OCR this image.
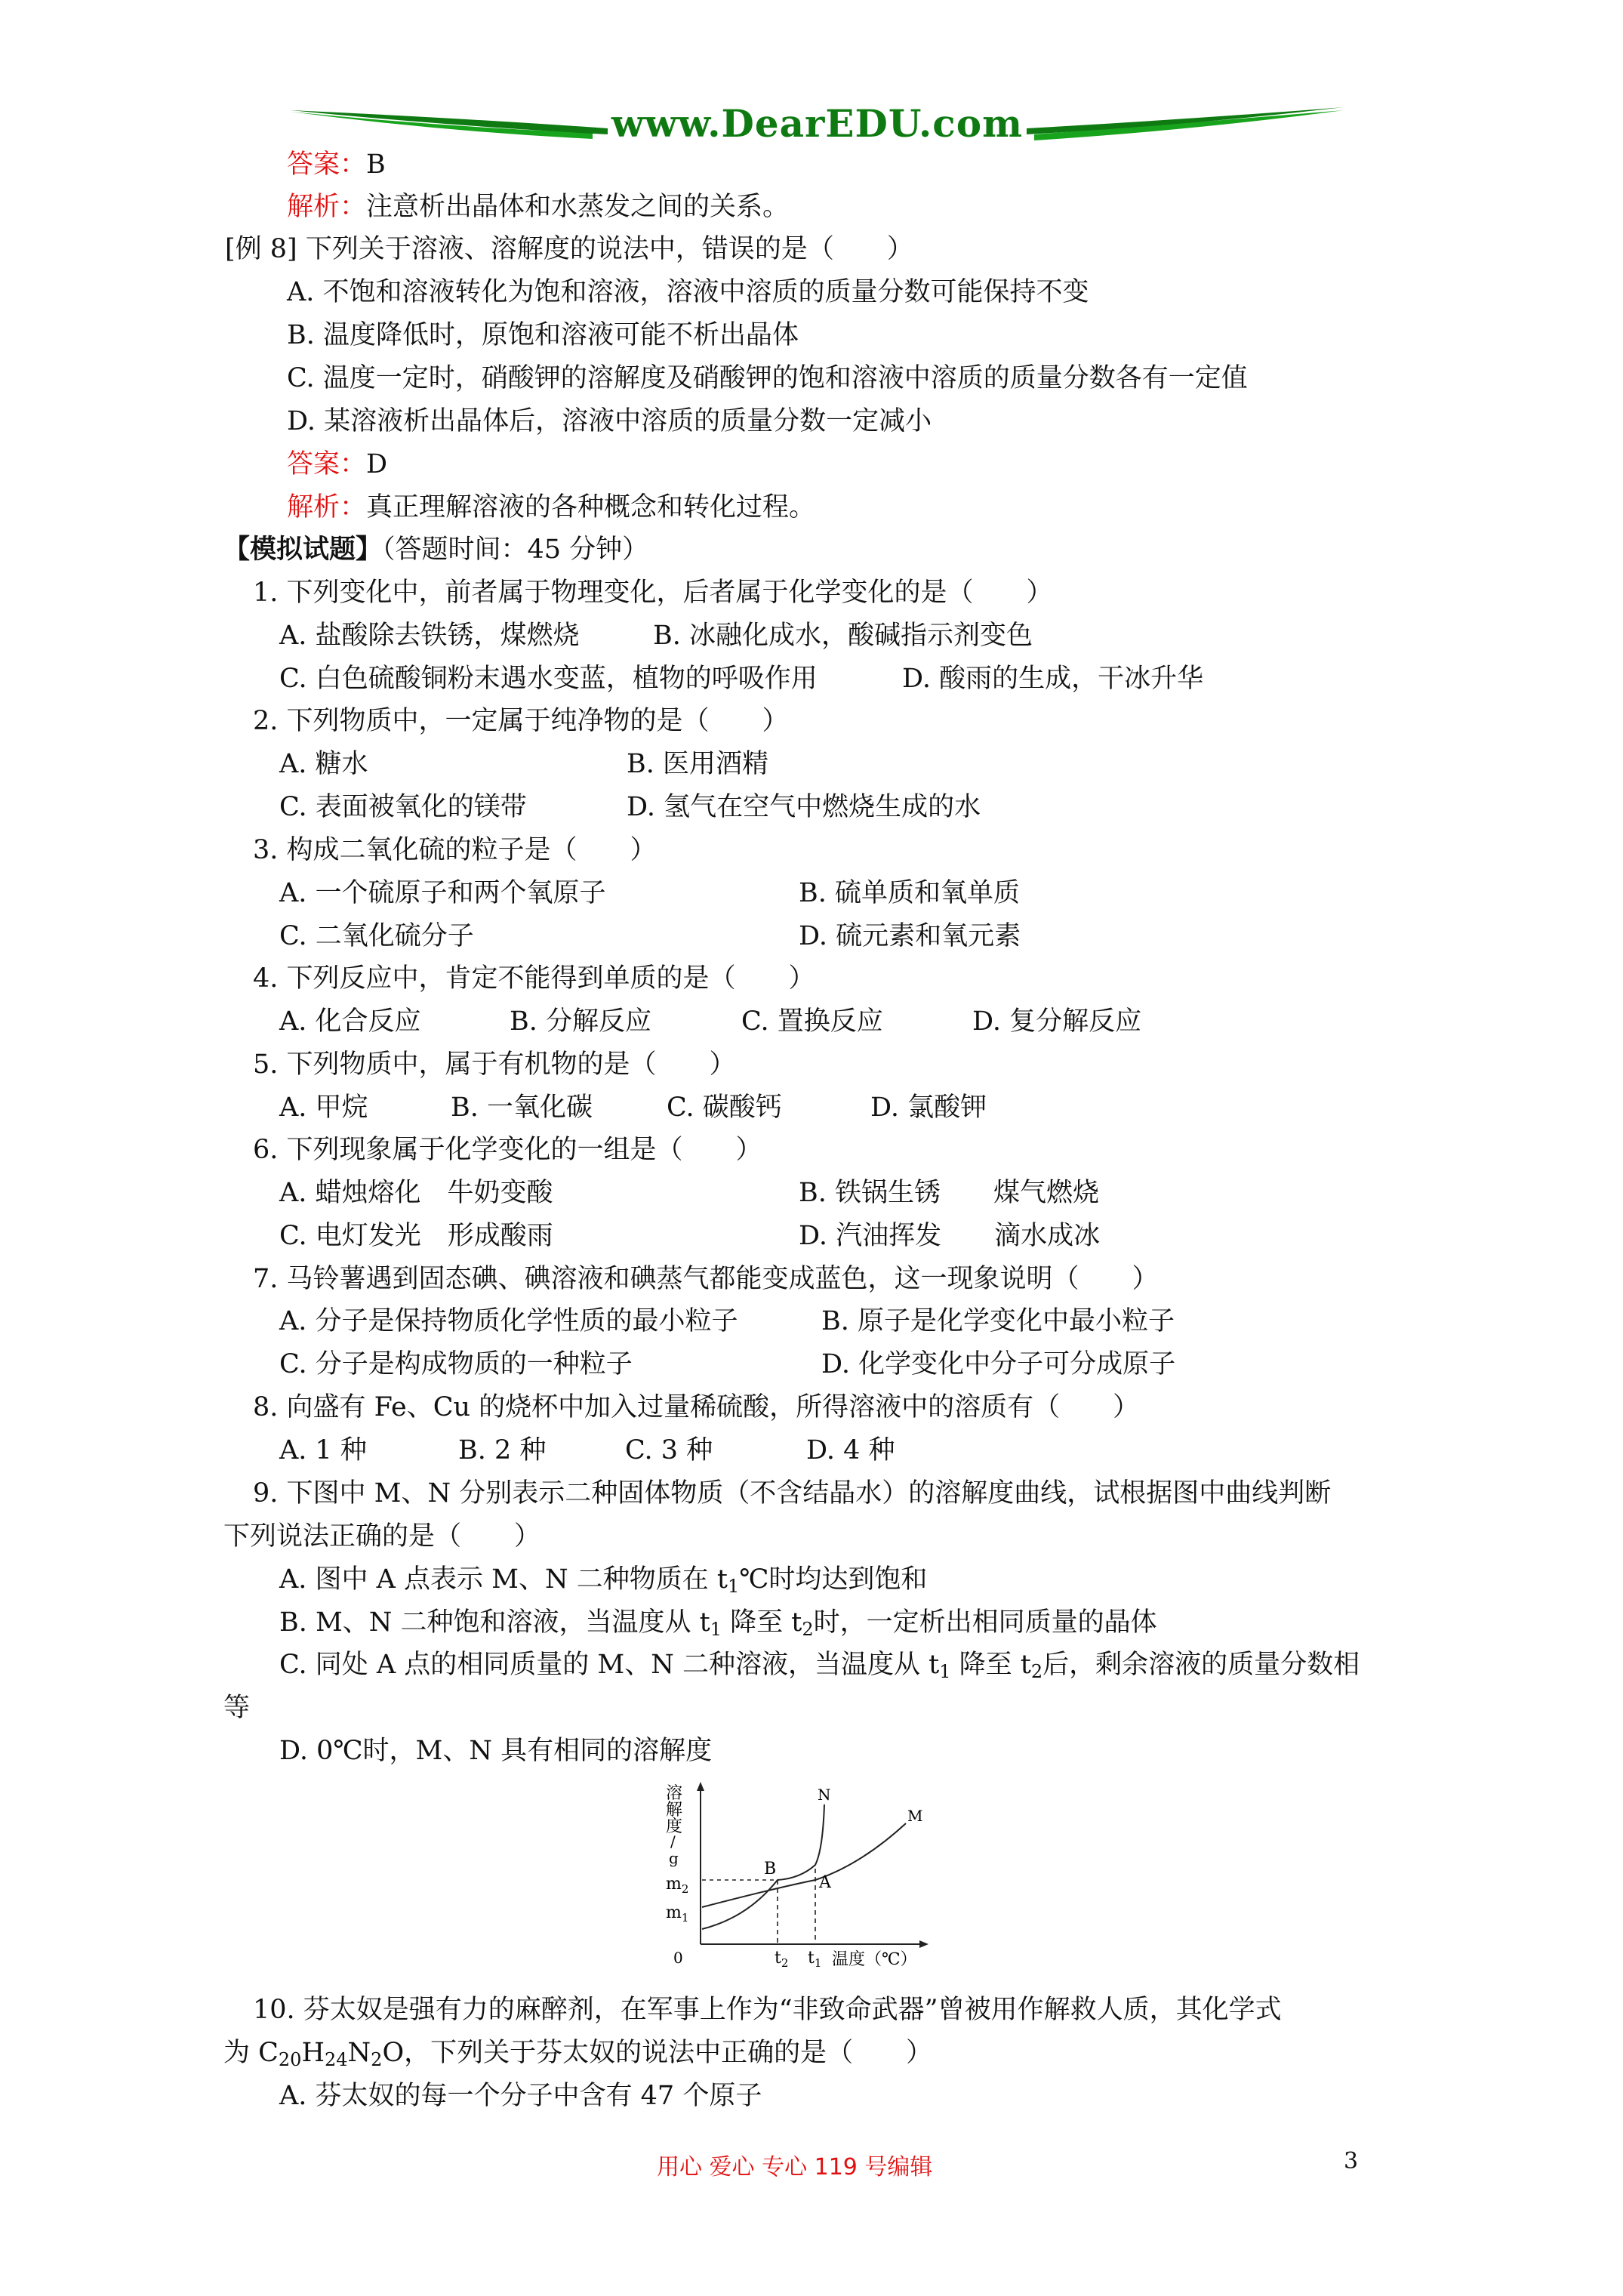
www.DearEDU.com
答案：B
解析：注意析出晶体和水蒸发之间的关系。
[例 8] 下列关于溶液、溶解度的说法中，错误的是（　　）
A. 不饱和溶液转化为饱和溶液，溶液中溶质的质量分数可能保持不变
B. 温度降低时，原饱和溶液可能不析出晶体
C. 温度一定时，硝酸钾的溶解度及硝酸钾的饱和溶液中溶质的质量分数各有一定值
D. 某溶液析出晶体后，溶液中溶质的质量分数一定减小
答案：D
解析：真正理解溶液的各种概念和转化过程。
【模拟试题】（答题时间：45 分钟）
1. 下列变化中，前者属于物理变化，后者属于化学变化的是（　　）
A. 盐酸除去铁锈，煤燃烧	B. 冰融化成水，酸碱指示剂变色
C. 白色硫酸铜粉末遇水变蓝，植物的呼吸作用	D. 酸雨的生成，干冰升华
2. 下列物质中，一定属于纯净物的是（　　）
A. 糖水	B. 医用酒精
C. 表面被氧化的镁带	D. 氢气在空气中燃烧生成的水
3. 构成二氧化硫的粒子是（　　）
A. 一个硫原子和两个氧原子	B. 硫单质和氧单质
C. 二氧化硫分子	D. 硫元素和氧元素
4. 下列反应中，肯定不能得到单质的是（　　）
A. 化合反应	B. 分解反应	C. 置换反应	D. 复分解反应
5. 下列物质中，属于有机物的是（　　）
A. 甲烷	B. 一氧化碳	C. 碳酸钙	D. 氯酸钾
6. 下列现象属于化学变化的一组是（　　）
A. 蜡烛熔化　牛奶变酸	B. 铁锅生锈　　煤气燃烧
C. 电灯发光　形成酸雨	D. 汽油挥发　　滴水成冰
7. 马铃薯遇到固态碘、碘溶液和碘蒸气都能变成蓝色，这一现象说明（　　）
A. 分子是保持物质化学性质的最小粒子	B. 原子是化学变化中最小粒子
C. 分子是构成物质的一种粒子	D. 化学变化中分子可分成原子
8. 向盛有 Fe、Cu 的烧杯中加入过量稀硫酸，所得溶液中的溶质有（　　）
A. 1 种	B. 2 种	C. 3 种	D. 4 种
9. 下图中 M、N 分别表示二种固体物质（不含结晶水）的溶解度曲线，试根据图中曲线判断
下列说法正确的是（　　）
A. 图中 A 点表示 M、N 二种物质在 $t_1℃$时均达到饱和
B. M、N 二种饱和溶液，当温度从 $t_1$ 降至 $t_2$时，一定析出相同质量的晶体
C. 同处 A 点的相同质量的 M、N 二种溶液，当温度从 $t_1$ 降至 $t_2$后，剩余溶液的质量分数相
等
D. 0℃时，M、N 具有相同的溶解度
溶
解
度
/
g
$m_2$
$m_1$
0	$t_2$ $t_1$ 温度（℃）
N
M
B
A
10. 芬太奴是强有力的麻醉剂，在军事上作为“非致命武器”曾被用作解救人质，其化学式
为 $C_{20}H_{24}N_2O$，下列关于芬太奴的说法中正确的是（　　）
A. 芬太奴的每一个分子中含有 47 个原子
用心 爱心 专心 119 号编辑	3
